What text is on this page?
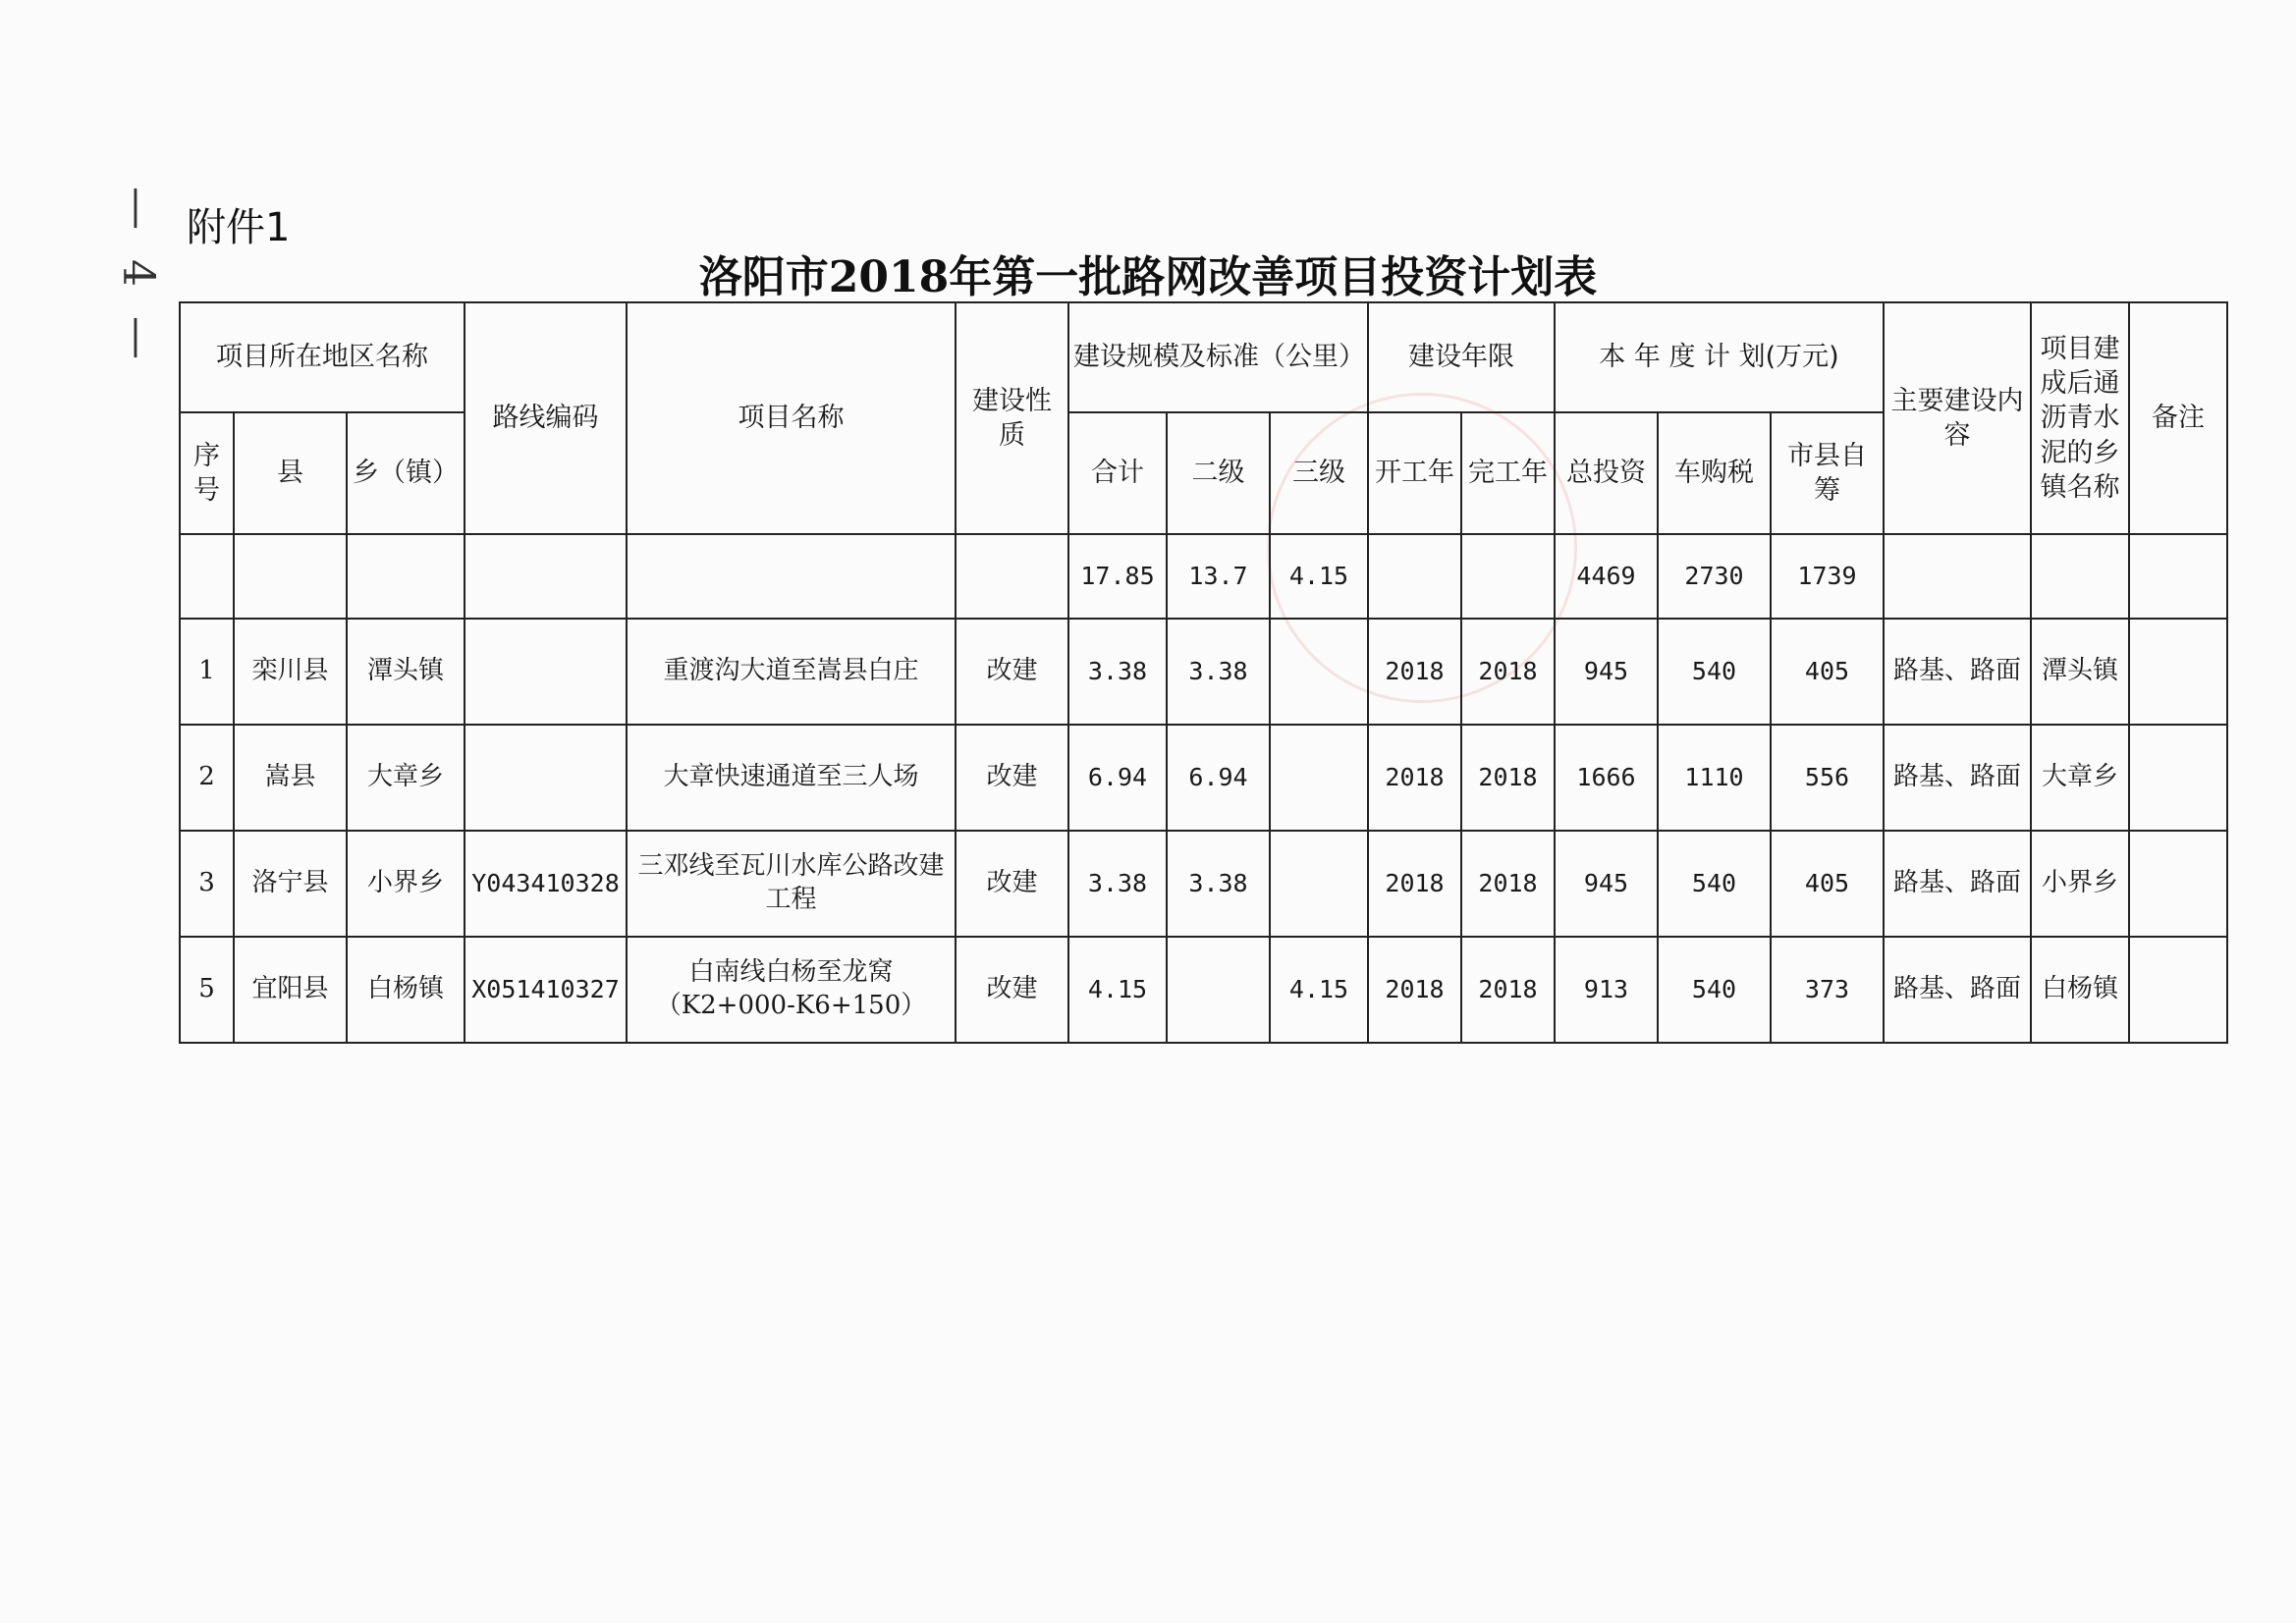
— 4 — 附件1
洛阳市2018年第一批路网改善项目投资计划表
项目所在地区名称			路线编码	项目名称	建设性质	建设规模及标准（公里）			建设年限		本 年 度 计 划(万元)			主要建设内容	项目建成后通沥青水泥的乡镇名称	备注
序号	县	乡（镇）				合计	二级	三级	开工年	完工年	总投资	车购税	市县自筹			
						17.85	13.7	4.15			4469	2730	1739			
1	栾川县	潭头镇		重渡沟大道至嵩县白庄	改建	3.38	3.38		2018	2018	945	540	405	路基、路面	潭头镇	
2	嵩县	大章乡		大章快速通道至三人场	改建	6.94	6.94		2018	2018	1666	1110	556	路基、路面	大章乡	
3	洛宁县	小界乡	Y043410328	三邓线至瓦川水库公路改建工程	改建	3.38	3.38		2018	2018	945	540	405	路基、路面	小界乡	
5	宜阳县	白杨镇	X051410327	白南线白杨至龙窝（K2+000-K6+150）	改建	4.15		4.15	2018	2018	913	540	373	路基、路面	白杨镇	
